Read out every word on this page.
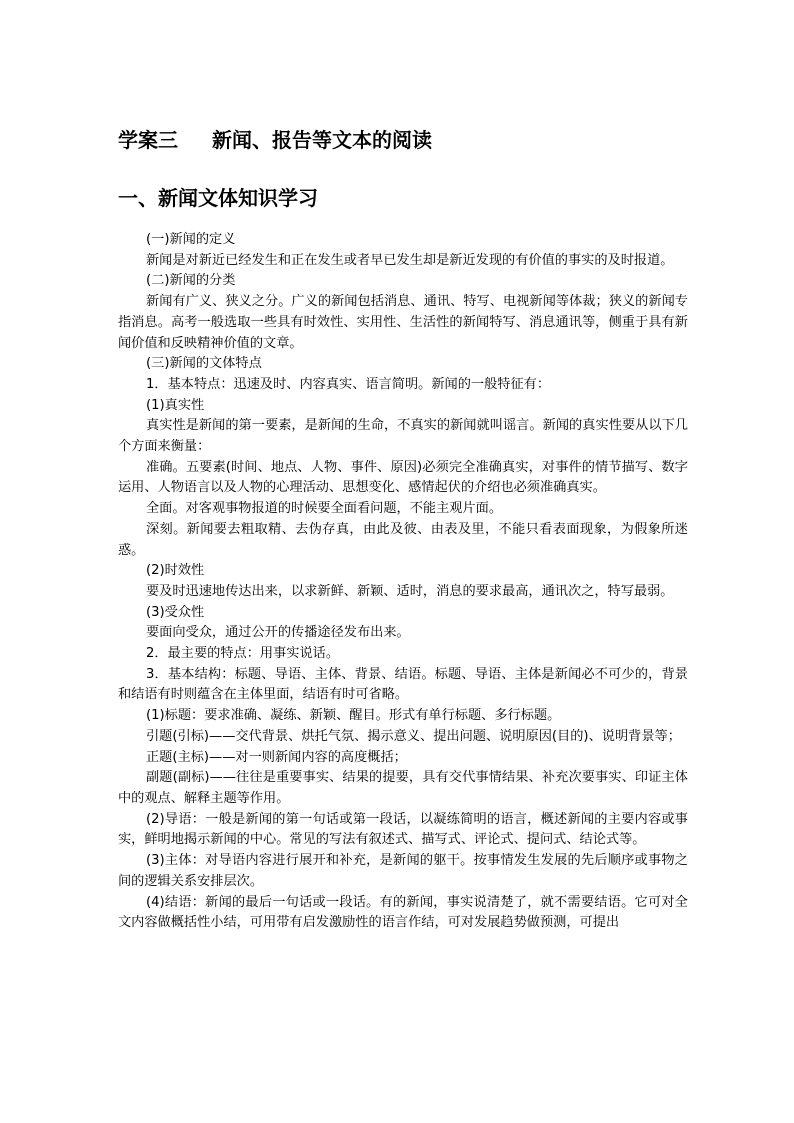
学案三 新闻、报告等文本的阅读
一、新闻文体知识学习

(一)新闻的定义

新闻是对新近已经发生和正在发生或者早已发生却是新近发现的有价值的事实的及时报道。

(二)新闻的分类

新闻有广义、狭义之分。广义的新闻包括消息、通讯、特写、电视新闻等体裁；狭义的新闻专指消息。高考一般选取一些具有时效性、实用性、生活性的新闻特写、消息通讯等，侧重于具有新闻价值和反映精神价值的文章。

(三)新闻的文体特点

1．基本特点：迅速及时、内容真实、语言简明。新闻的一般特征有：

(1)真实性

真实性是新闻的第一要素，是新闻的生命，不真实的新闻就叫谣言。新闻的真实性要从以下几个方面来衡量：

准确。五要素(时间、地点、人物、事件、原因)必须完全准确真实，对事件的情节描写、数字运用、人物语言以及人物的心理活动、思想变化、感情起伏的介绍也必须准确真实。

全面。对客观事物报道的时候要全面看问题，不能主观片面。

深刻。新闻要去粗取精、去伪存真，由此及彼、由表及里，不能只看表面现象，为假象所迷惑。

(2)时效性

要及时迅速地传达出来，以求新鲜、新颖、适时，消息的要求最高，通讯次之，特写最弱。

(3)受众性

要面向受众，通过公开的传播途径发布出来。

2．最主要的特点：用事实说话。

3．基本结构：标题、导语、主体、背景、结语。标题、导语、主体是新闻必不可少的，背景和结语有时则蕴含在主体里面，结语有时可省略。

(1)标题：要求准确、凝练、新颖、醒目。形式有单行标题、多行标题。

引题(引标)——交代背景、烘托气氛、揭示意义、提出问题、说明原因(目的)、说明背景等；

正题(主标)——对一则新闻内容的高度概括；

副题(副标)——往往是重要事实、结果的提要，具有交代事情结果、补充次要事实、印证主体中的观点、解释主题等作用。

(2)导语：一般是新闻的第一句话或第一段话，以凝练简明的语言，概述新闻的主要内容或事实，鲜明地揭示新闻的中心。常见的写法有叙述式、描写式、评论式、提问式、结论式等。

(3)主体：对导语内容进行展开和补充，是新闻的躯干。按事情发生发展的先后顺序或事物之间的逻辑关系安排层次。

(4)结语：新闻的最后一句话或一段话。有的新闻，事实说清楚了，就不需要结语。它可对全文内容做概括性小结，可用带有启发激励性的语言作结，可对发展趋势做预测，可提出
